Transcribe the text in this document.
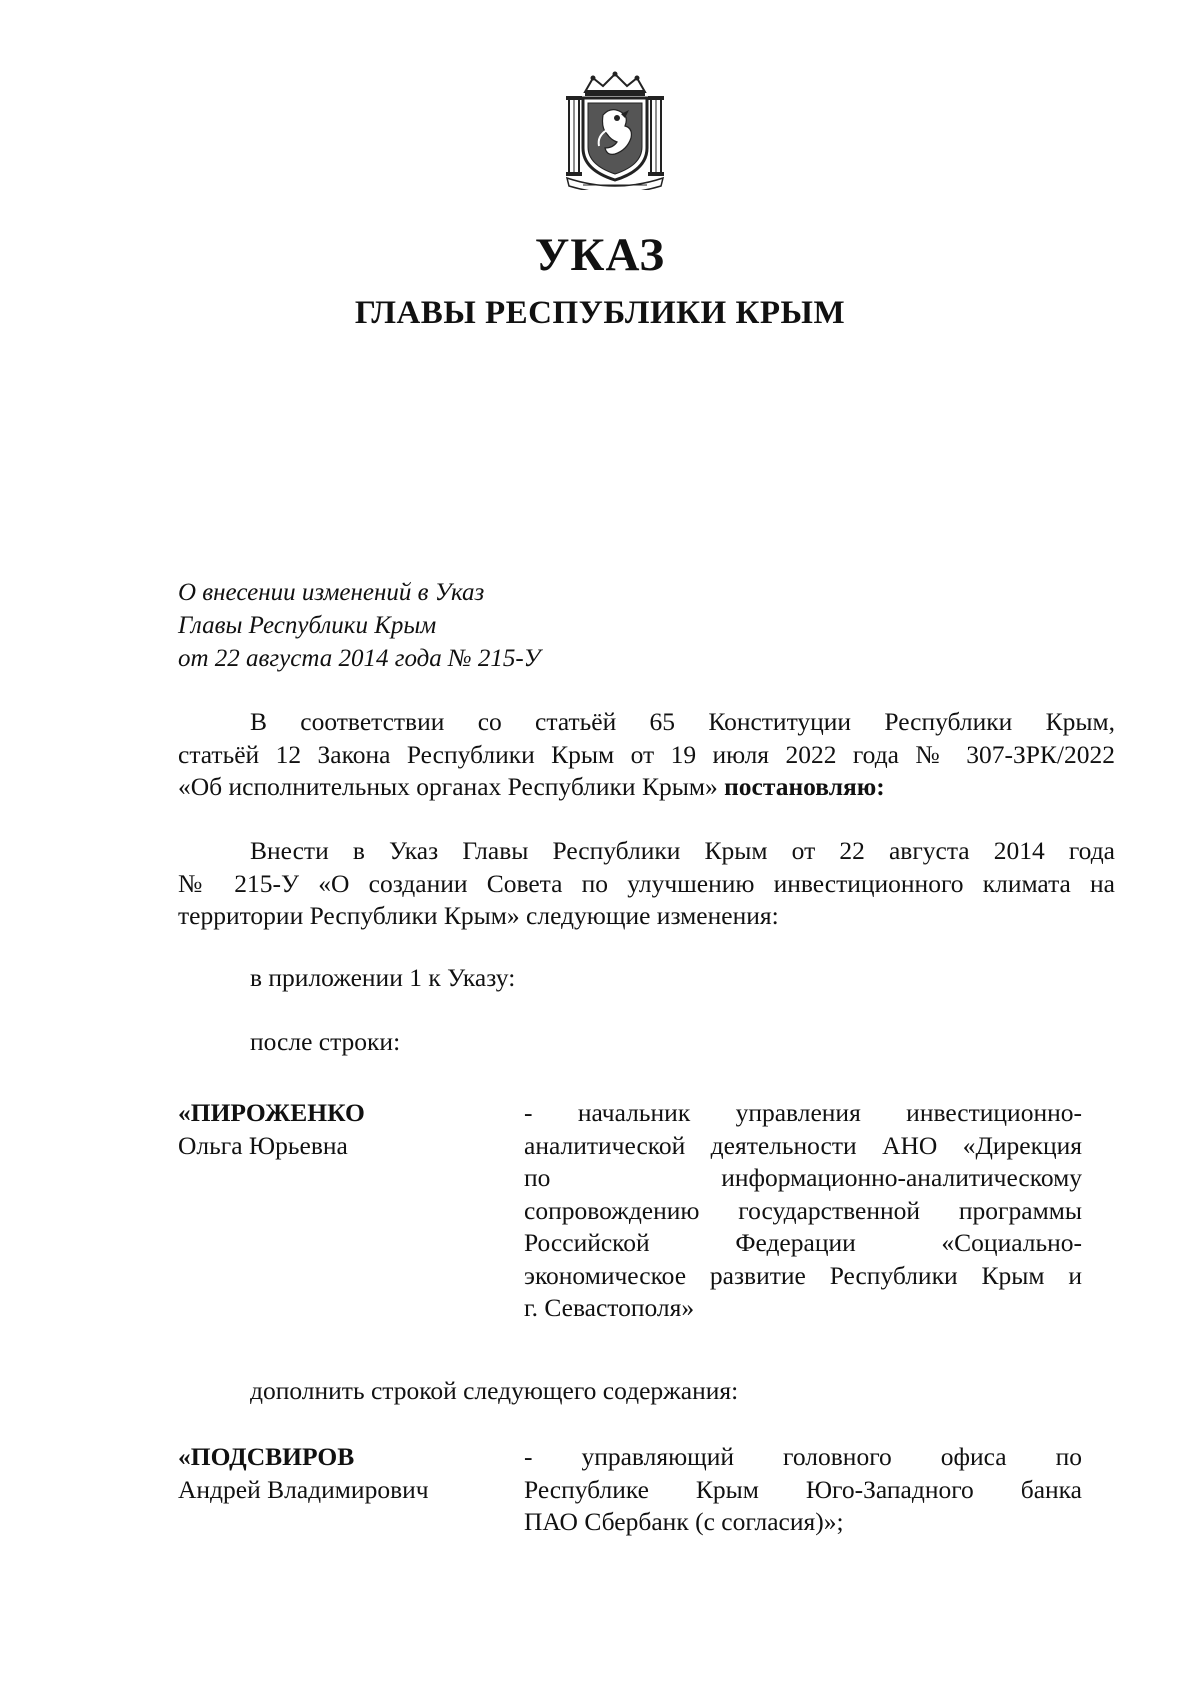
УКАЗ
ГЛАВЫ РЕСПУБЛИКИ КРЫМ
О внесении изменений в Указ
Главы Республики Крым
от 22 августа 2014 года № 215-У
В соответствии со статьёй 65 Конституции Республики Крым,
статьёй 12 Закона Республики Крым от 19 июля 2022 года № 307-ЗРК/2022
«Об исполнительных органах Республики Крым» постановляю:
Внести в Указ Главы Республики Крым от 22 августа 2014 года
№ 215-У «О создании Совета по улучшению инвестиционного климата на
территории Республики Крым» следующие изменения:
в приложении 1 к Указу:
после строки:
«ПИРОЖЕНКО
Ольга Юрьевна
- начальник управления инвестиционно-
аналитической деятельности АНО «Дирекция
по информационно-аналитическому
сопровождению государственной программы
Российской Федерации «Социально-
экономическое развитие Республики Крым и
г. Севастополя»
дополнить строкой следующего содержания:
«ПОДСВИРОВ
Андрей Владимирович
- управляющий головного офиса по
Республике Крым Юго-Западного банка
ПАО Сбербанк (с согласия)»;
